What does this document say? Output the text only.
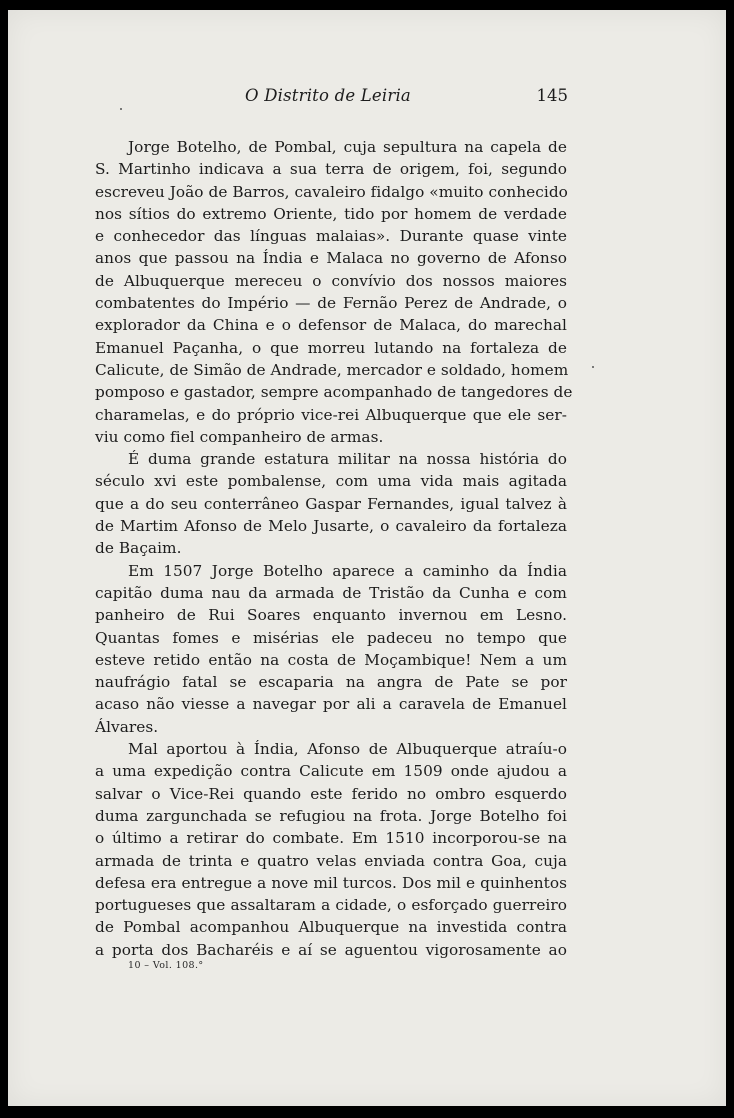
O Distrito de Leiria	145
Jorge Botelho, de Pombal, cuja sepultura na capela de
S. Martinho indicava a sua terra de origem, foi, segundo
escreveu João de Barros, cavaleiro fidalgo «muito conhecido
nos sítios do extremo Oriente, tido por homem de verdade
e conhecedor das línguas malaias». Durante quase vinte
anos que passou na Índia e Malaca no governo de Afonso
de Albuquerque mereceu o convívio dos nossos maiores
combatentes do Império — de Fernão Perez de Andrade, o
explorador da China e o defensor de Malaca, do marechal
Emanuel Paçanha, o que morreu lutando na fortaleza de
Calicute, de Simão de Andrade, mercador e soldado, homem
pomposo e gastador, sempre acompanhado de tangedores de
charamelas, e do próprio vice-rei Albuquerque que ele ser-
viu como fiel companheiro de armas.
É duma grande estatura militar na nossa história do
século xvi este pombalense, com uma vida mais agitada
que a do seu conterrâneo Gaspar Fernandes, igual talvez à
de Martim Afonso de Melo Jusarte, o cavaleiro da fortaleza
de Baçaim.
Em 1507 Jorge Botelho aparece a caminho da Índia
capitão duma nau da armada de Tristão da Cunha e com
panheiro de Rui Soares enquanto invernou em Lesno.
Quantas fomes e misérias ele padeceu no tempo que
esteve retido então na costa de Moçambique! Nem a um
naufrágio fatal se escaparia na angra de Pate se por
acaso não viesse a navegar por ali a caravela de Emanuel
Álvares.
Mal aportou à Índia, Afonso de Albuquerque atraíu-o
a uma expedição contra Calicute em 1509 onde ajudou a
salvar o Vice-Rei quando este ferido no ombro esquerdo
duma zargunchada se refugiou na frota. Jorge Botelho foi
o último a retirar do combate. Em 1510 incorporou-se na
armada de trinta e quatro velas enviada contra Goa, cuja
defesa era entregue a nove mil turcos. Dos mil e quinhentos
portugueses que assaltaram a cidade, o esforçado guerreiro
de Pombal acompanhou Albuquerque na investida contra
a porta dos Bacharéis e aí se aguentou vigorosamente ao
10 – Vol. 108.°
